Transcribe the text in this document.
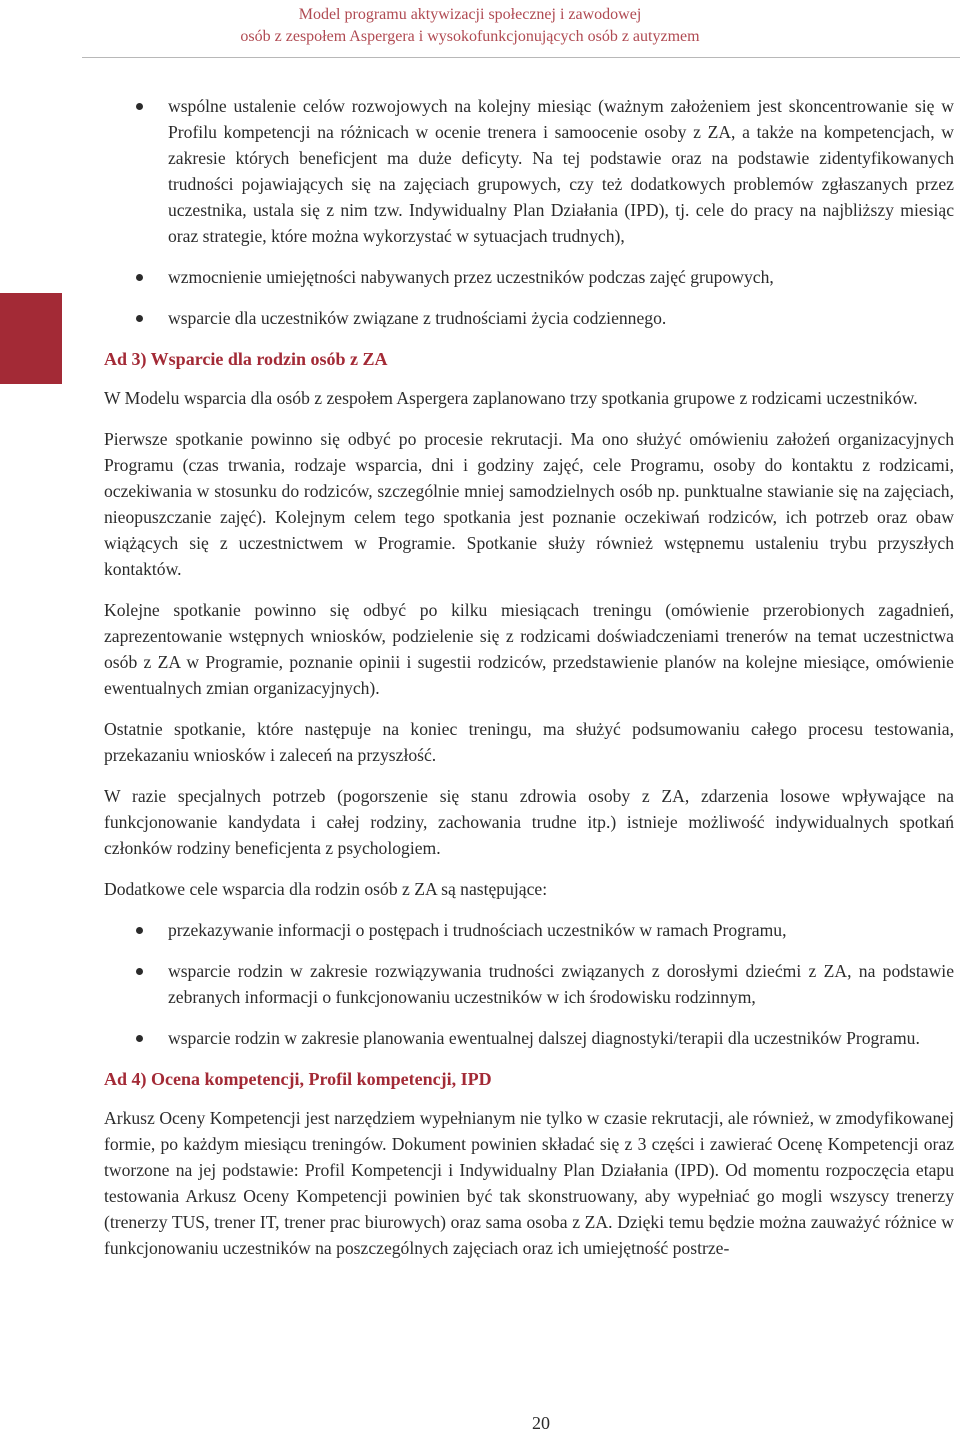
Model programu aktywizacji społecznej i zawodowej
osób z zespołem Aspergera i wysokofunkcjonujących osób z autyzmem
wspólne ustalenie celów rozwojowych na kolejny miesiąc (ważnym założeniem jest skoncentrowanie się w Profilu kompetencji na różnicach w ocenie trenera i samoocenie osoby z ZA, a także na kompetencjach, w zakresie których beneficjent ma duże deficyty. Na tej podstawie oraz na podstawie zidentyfikowanych trudności pojawiających się na zajęciach grupowych, czy też dodatkowych problemów zgłaszanych przez uczestnika, ustala się z nim tzw. Indywidualny Plan Działania (IPD), tj. cele do pracy na najbliższy miesiąc oraz strategie, które można wykorzystać w sytuacjach trudnych),
wzmocnienie umiejętności nabywanych przez uczestników podczas zajęć grupowych,
wsparcie dla uczestników związane z trudnościami życia codziennego.
Ad 3) Wsparcie dla rodzin osób z ZA

W Modelu wsparcia dla osób z zespołem Aspergera zaplanowano trzy spotkania grupowe z rodzicami uczestników.

Pierwsze spotkanie powinno się odbyć po procesie rekrutacji. Ma ono służyć omówieniu założeń organizacyjnych Programu (czas trwania, rodzaje wsparcia, dni i godziny zajęć, cele Programu, osoby do kontaktu z rodzicami, oczekiwania w stosunku do rodziców, szczególnie mniej samodzielnych osób np. punktualne stawianie się na zajęciach, nieopuszczanie zajęć). Kolejnym celem tego spotkania jest poznanie oczekiwań rodziców, ich potrzeb oraz obaw wiążących się z uczestnictwem w Programie. Spotkanie służy również wstępnemu ustaleniu trybu przyszłych kontaktów.

Kolejne spotkanie powinno się odbyć po kilku miesiącach treningu (omówienie przerobionych zagadnień, zaprezentowanie wstępnych wniosków, podzielenie się z rodzicami doświadczeniami trenerów na temat uczestnictwa osób z ZA w Programie, poznanie opinii i sugestii rodziców, przedstawienie planów na kolejne miesiące, omówienie ewentualnych zmian organizacyjnych).

Ostatnie spotkanie, które następuje na koniec treningu, ma służyć podsumowaniu całego procesu testowania, przekazaniu wniosków i zaleceń na przyszłość.

W razie specjalnych potrzeb (pogorszenie się stanu zdrowia osoby z ZA, zdarzenia losowe wpływające na funkcjonowanie kandydata i całej rodziny, zachowania trudne itp.) istnieje możliwość indywidualnych spotkań członków rodziny beneficjenta z psychologiem.

Dodatkowe cele wsparcia dla rodzin osób z ZA są następujące:

przekazywanie informacji o postępach i trudnościach uczestników w ramach Programu,
wsparcie rodzin w zakresie rozwiązywania trudności związanych z dorosłymi dziećmi z ZA, na podstawie zebranych informacji o funkcjonowaniu uczestników w ich środowisku rodzinnym,
wsparcie rodzin w zakresie planowania ewentualnej dalszej diagnostyki/terapii dla uczestników Programu.
Ad 4) Ocena kompetencji, Profil kompetencji, IPD

Arkusz Oceny Kompetencji jest narzędziem wypełnianym nie tylko w czasie rekrutacji, ale również, w zmodyfikowanej formie, po każdym miesiącu treningów. Dokument powinien składać się z 3 części i zawierać Ocenę Kompetencji oraz tworzone na jej podstawie: Profil Kompetencji i Indywidualny Plan Działania (IPD). Od momentu rozpoczęcia etapu testowania Arkusz Oceny Kompetencji powinien być tak skonstruowany, aby wypełniać go mogli wszyscy trenerzy (trenerzy TUS, trener IT, trener prac biurowych) oraz sama osoba z ZA. Dzięki temu będzie można zauważyć różnice w funkcjonowaniu uczestników na poszczególnych zajęciach oraz ich umiejętność postrze-

20
